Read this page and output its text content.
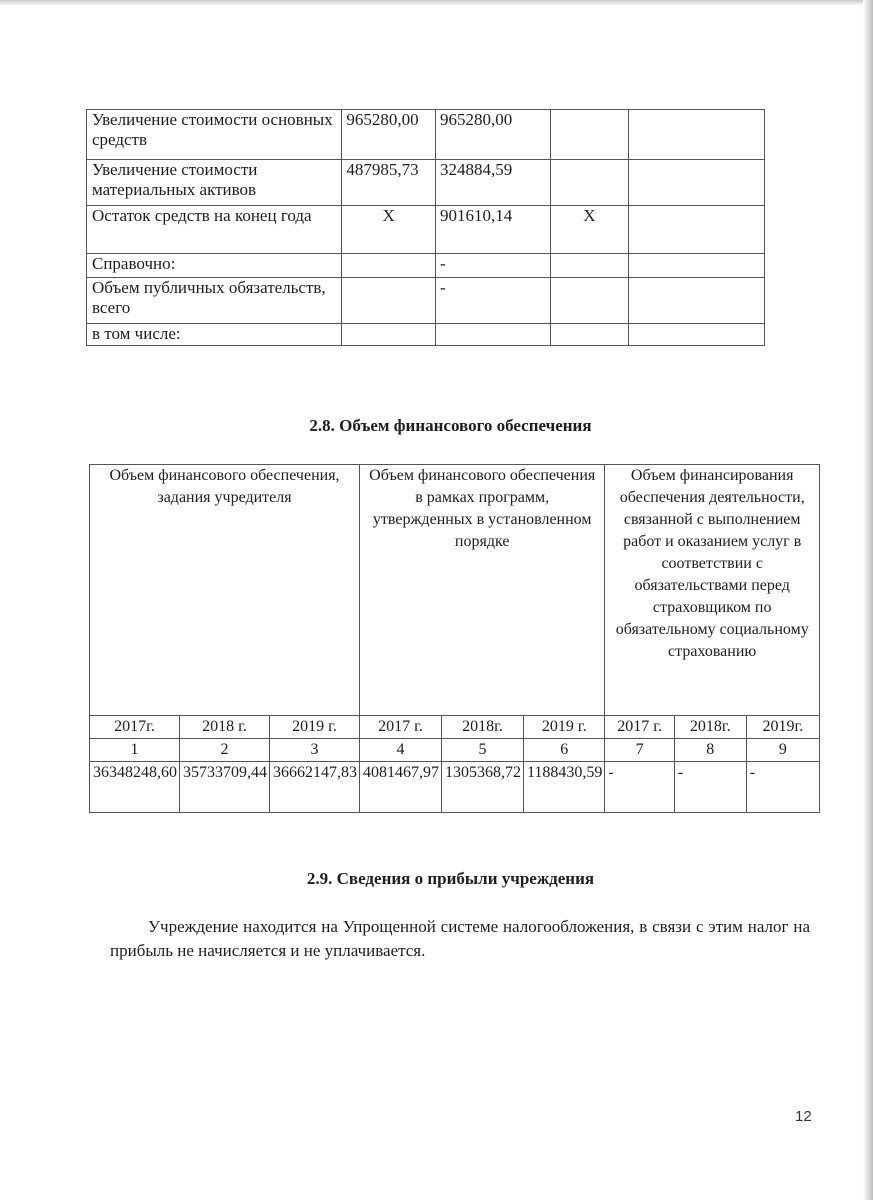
Увеличение стоимости основных средств	965280,00	965280,00		
Увеличение стоимости материальных активов	487985,73	324884,59		
Остаток средств на конец года	X	901610,14	X	
Справочно:		-		
Объем публичных обязательств, всего		-		
в том числе:				
2.8. Объем финансового обеспечения
Объем финансового обеспечения, задания учредителя			Объем финансового обеспечения в рамках программ, утвержденных в установленном порядке			Объем финансирования обеспечения деятельности, связанной с выполнением работ и оказанием услуг в соответствии с обязательствами перед страховщиком по обязательному социальному страхованию		
2017г.	2018 г.	2019 г.	2017 г.	2018г.	2019 г.	2017 г.	2018г.	2019г.
1	2	3	4	5	6	7	8	9
36348248,60	35733709,44	36662147,83	4081467,97	1305368,72	1188430,59	-	-	-
2.9. Сведения о прибыли учреждения
Учреждение находится на Упрощенной системе налогообложения, в связи с этим налог на прибыль не начисляется и не уплачивается.
12
